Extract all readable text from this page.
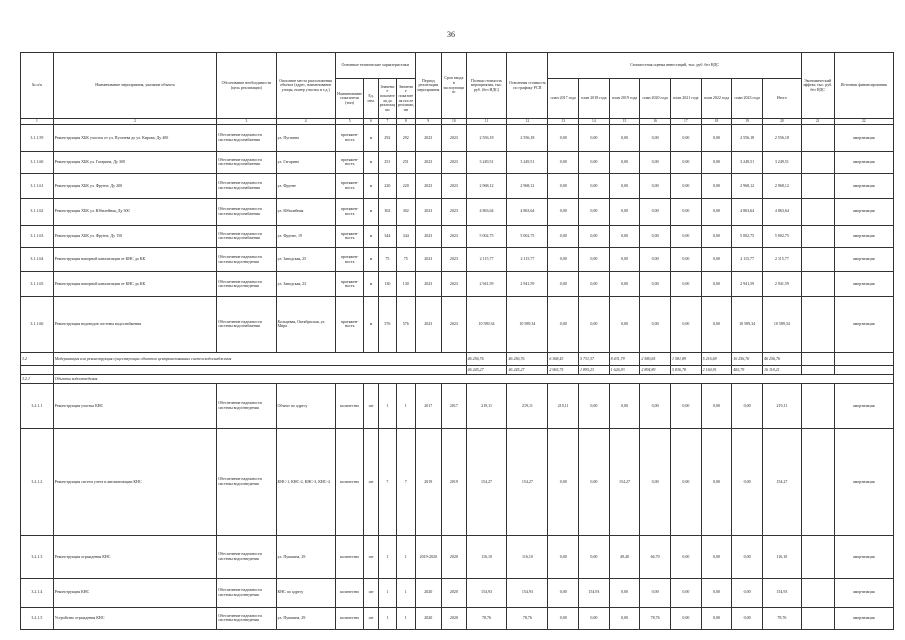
36
№ п/п	Наименование мероприятия, указание объекта	Обоснование необходимости (цель реализации)	Описание места расположения объекта (адрес, наименование улицы, номер участка и т.д.)	Основные технические характеристики				Период реализации мероприятия	Срок ввода в эксплуатацию	Полная стоимость мероприятия, тыс. руб. (без НДС)	Освоенная стоимость по графику РСП	Стоимостная оценка инвестиций, тыс. руб. без НДС								Экономический эффект, тыс. руб. без НДС	Источник финансирования
				Наименование показателя (тип)	Ед. изм.	Значение показателя до реализации	Значение показателя после реализации					план 2017 года	план 2018 года	план 2019 года	план 2020 года	план 2021 года	план 2022 года	план 2023 года	Итого		
1	2	3	4	5	6	7	8	9	10	11	12	13	14	15	16	17	18	19	20	21	22
3.1.1.59	Реконструкция ХБК участок от ул. Пугачева до ул. Кирова, Ду 400	Обеспечение надежности системы водоснабжения	ул. Пугачева	протяжен-ность	м	292	292	2023	2023	2 556,18	2 556,18	0,00	0,00	0,00	0,00	0,00	0,00	2 556,18	2 556,18		амортизация
3.1.1.60	Реконструкция ХБК ул. Гагарина, Ду 300	Обеспечение надежности системы водоснабжения	ул. Гагарина	протяжен-ность	м	251	251	2023	2023	3 249,51	3 249,51	0,00	0,00	0,00	0,00	0,00	0,00	3 249,51	3 249,51		амортизация
3.1.1.61	Реконструкция ХБК ул. Фрунзе, Ду 200	Обеспечение надежности системы водоснабжения	ул. Фрунзе	протяжен-ность	м	220	220	2023	2023	2 968,12	2 968,12	0,00	0,00	0,00	0,00	0,00	0,00	2 968,12	2 968,12		амортизация
3.1.1.62	Реконструкция ХБК ул. Юбилейная, Ду 300	Обеспечение надежности системы водоснабжения	ул. Юбилейная	протяжен-ность	м	302	302	2023	2023	4 863,64	4 863,64	0,00	0,00	0,00	0,00	0,00	0,00	4 863,64	4 863,64		амортизация
3.1.1.63	Реконструкция ХБК ул. Фрунзе, Ду 150	Обеспечение надежности системы водоснабжения	ул. Фрунзе, 19	протяжен-ность	м	344	344	2023	2023	5 002,75	5 002,75	0,00	0,00	0,00	0,00	0,00	0,00	5 002,75	5 002,75		амортизация
3.1.1.64	Реконструкция напорной канализации от КНС до КК	Обеспечение надежности системы водоотведения	ул. Заводская, 25	протяжен-ность	м	75	75	2023	2023	2 115,77	2 115,77	0,00	0,00	0,00	0,00	0,00	0,00	2 115,77	2 115,77		амортизация
3.1.1.65	Реконструкция напорной канализации от КНС до КК	Обеспечение надежности системы водоотведения	ул. Заводская, 23	протяжен-ность	м	130	130	2023	2023	2 941,59	2 941,59	0,00	0,00	0,00	0,00	0,00	0,00	2 941,59	2 941,59		амортизация
3.1.1.66	Реконструкция водоводов системы водоснабжения	Обеспечение надежности системы водоснабжения	Кольцевая, Октябрьская, ул. Мира	протяжен-ность	м	576	576	2023	2023	10 589,34	10 589,34	0,00	0,00	0,00	0,00	0,00	0,00	10 589,34	10 589,34		амортизация
3.2	Модернизация или реконструкция существующих объектов централизованных систем водоснабжения									46 256,76	46 256,76	6 368,43	5 731,37	8 431,79	2 580,65	1 581,89	5 216,69	10 256,76	46 256,76		
										46 245,27	46 245,27	2 965,75	1 895,23	1 626,93	2 894,89	5 836,78	2 160,91	482,79	16 118,21		
3.2.1	Объекты водоотведения																				
3.2.1.1	Реконструкция участка КНС	Обеспечение надежности системы водоотведения	Объект по адресу	количество	шт	1	1	2017	2017	219,11	219,11	219,11	0,00	0,00	0,00	0,00	0,00	0,00	219,11		амортизация
3.2.1.2	Реконструкция систем учета и автоматизации КНС	Обеспечение надежности системы водоотведения	КНС-1, КНС-2, КНС-3, КНС-4	количество	шт	7	7	2019	2019	154,27	154,27	0,00	0,00	154,27	0,00	0,00	0,00	0,00	154,27		амортизация
3.2.1.3	Реконструкция ограждения КНС	Обеспечение надежности системы водоотведения	ул. Пушкина, 29	количество	шт	1	1	2019-2020	2020	116,10	116,10	0,00	0,00	49,40	66,70	0,00	0,00	0,00	116,10		амортизация
3.2.1.4	Реконструкция КНС	Обеспечение надежности системы водоотведения	КНС по адресу	количество	шт	1	1	2020	2020	154,93	154,93	0,00	154,93	0,00	0,00	0,00	0,00	0,00	154,93		амортизация
3.2.1.5	Устройство ограждения КНС	Обеспечение надежности системы водоотведения	ул. Пушкина, 29	количество	шт	1	1	2020	2020	78,76	78,76	0,00	0,00	0,00	78,76	0,00	0,00	0,00	78,76		амортизация
